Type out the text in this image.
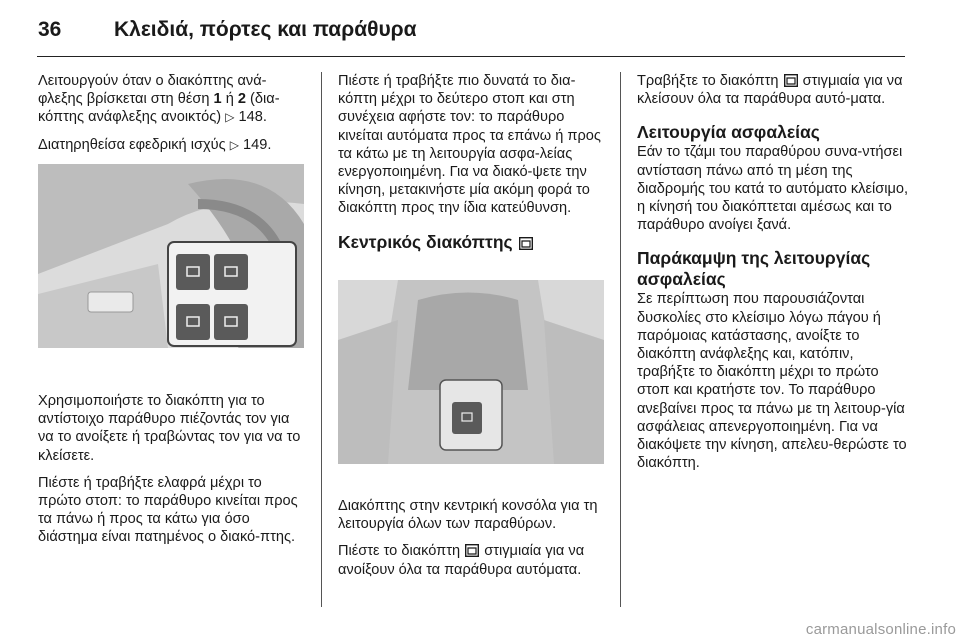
36	Κλειδιά, πόρτες και παράθυρα

Λειτουργούν όταν ο διακόπτης ανά-φλεξης βρίσκεται στη θέση 1 ή 2 (δια-κόπτης ανάφλεξης ανοικτός) ▷ 148.

Διατηρηθείσα εφεδρική ισχύς ▷ 149.

Χρησιμοποιήστε το διακόπτη για το αντίστοιχο παράθυρο πιέζοντάς τον για να το ανοίξετε ή τραβώντας τον για να το κλείσετε.

Πιέστε ή τραβήξτε ελαφρά μέχρι το πρώτο στοπ: το παράθυρο κινείται προς τα πάνω ή προς τα κάτω για όσο διάστημα είναι πατημένος ο διακό-πτης.

Πιέστε ή τραβήξτε πιο δυνατά το δια-κόπτη μέχρι το δεύτερο στοπ και στη συνέχεια αφήστε τον: το παράθυρο κινείται αυτόματα προς τα επάνω ή προς τα κάτω με τη λειτουργία ασφα-λείας ενεργοποιημένη. Για να διακό-ψετε την κίνηση, μετακινήστε μία ακόμη φορά το διακόπτη προς την ίδια κατεύθυνση.

Κεντρικός διακόπτης

Διακόπτης στην κεντρική κονσόλα για τη λειτουργία όλων των παραθύρων.

Πιέστε το διακόπτη  στιγμιαία για να ανοίξουν όλα τα παράθυρα αυτόματα.

Τραβήξτε το διακόπτη  στιγμιαία για να κλείσουν όλα τα παράθυρα αυτό-ματα.

Λειτουργία ασφαλείας

Εάν το τζάμι του παραθύρου συνα-ντήσει αντίσταση πάνω από τη μέση της διαδρομής του κατά το αυτόματο κλείσιμο, η κίνησή του διακόπτεται αμέσως και το παράθυρο ανοίγει ξανά.

Παράκαμψη της λειτουργίας ασφαλείας

Σε περίπτωση που παρουσιάζονται δυσκολίες στο κλείσιμο λόγω πάγου ή παρόμοιας κατάστασης, ανοίξτε το διακόπτη ανάφλεξης και, κατόπιν, τραβήξτε το διακόπτη μέχρι το πρώτο στοπ και κρατήστε τον. Το παράθυρο ανεβαίνει προς τα πάνω με τη λειτουρ-γία ασφάλειας απενεργοποιημένη. Για να διακόψετε την κίνηση, απελευ-θερώστε το διακόπτη.

carmanualsonline.info
